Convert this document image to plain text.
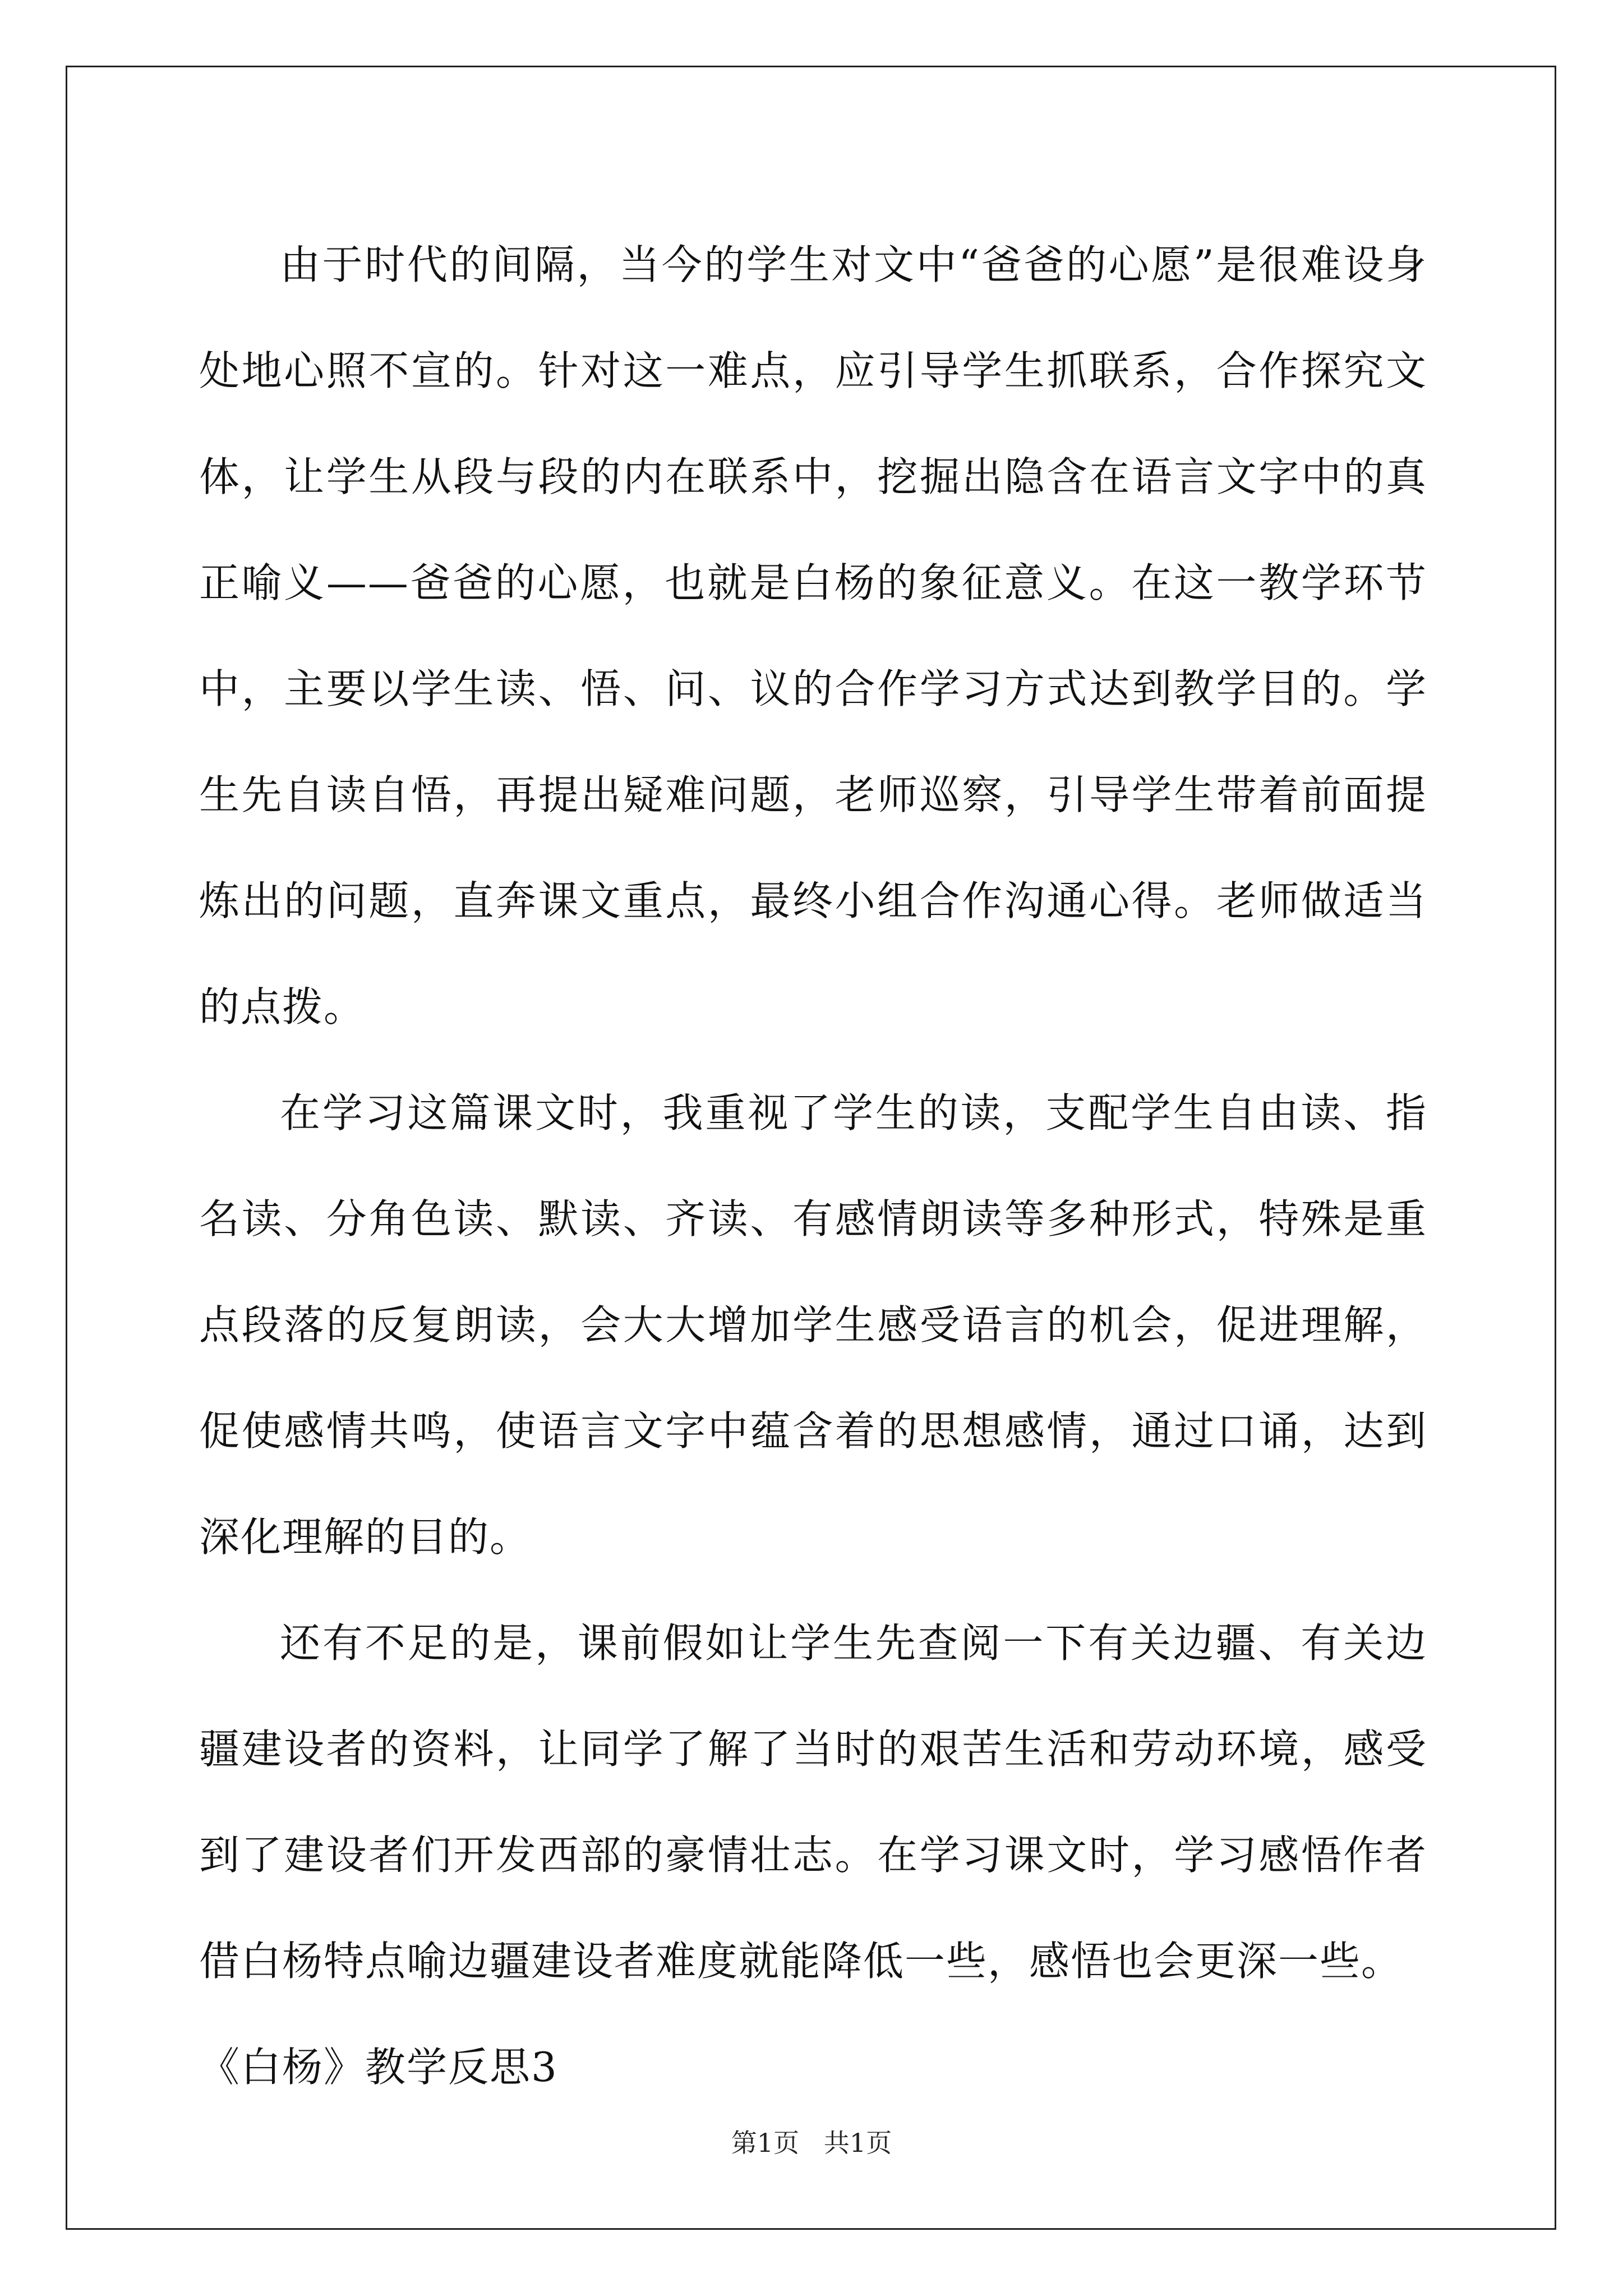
由于时代的间隔，当今的学生对文中“爸爸的心愿”是很难设身处地心照不宣的。针对这一难点，应引导学生抓联系，合作探究文体，让学生从段与段的内在联系中，挖掘出隐含在语言文字中的真正喻义——爸爸的心愿，也就是白杨的象征意义。在这一教学环节中，主要以学生读、悟、问、议的合作学习方式达到教学目的。学生先自读自悟，再提出疑难问题，老师巡察，引导学生带着前面提炼出的问题，直奔课文重点，最终小组合作沟通心得。老师做适当的点拨。

在学习这篇课文时，我重视了学生的读，支配学生自由读、指名读、分角色读、默读、齐读、有感情朗读等多种形式，特殊是重点段落的反复朗读，会大大增加学生感受语言的机会，促进理解，促使感情共鸣，使语言文字中蕴含着的思想感情，通过口诵，达到深化理解的目的。

还有不足的是，课前假如让学生先查阅一下有关边疆、有关边疆建设者的资料，让同学了解了当时的艰苦生活和劳动环境，感受到了建设者们开发西部的豪情壮志。在学习课文时，学习感悟作者借白杨特点喻边疆建设者难度就能降低一些，感悟也会更深一些。

《白杨》教学反思3

第1页   共1页
